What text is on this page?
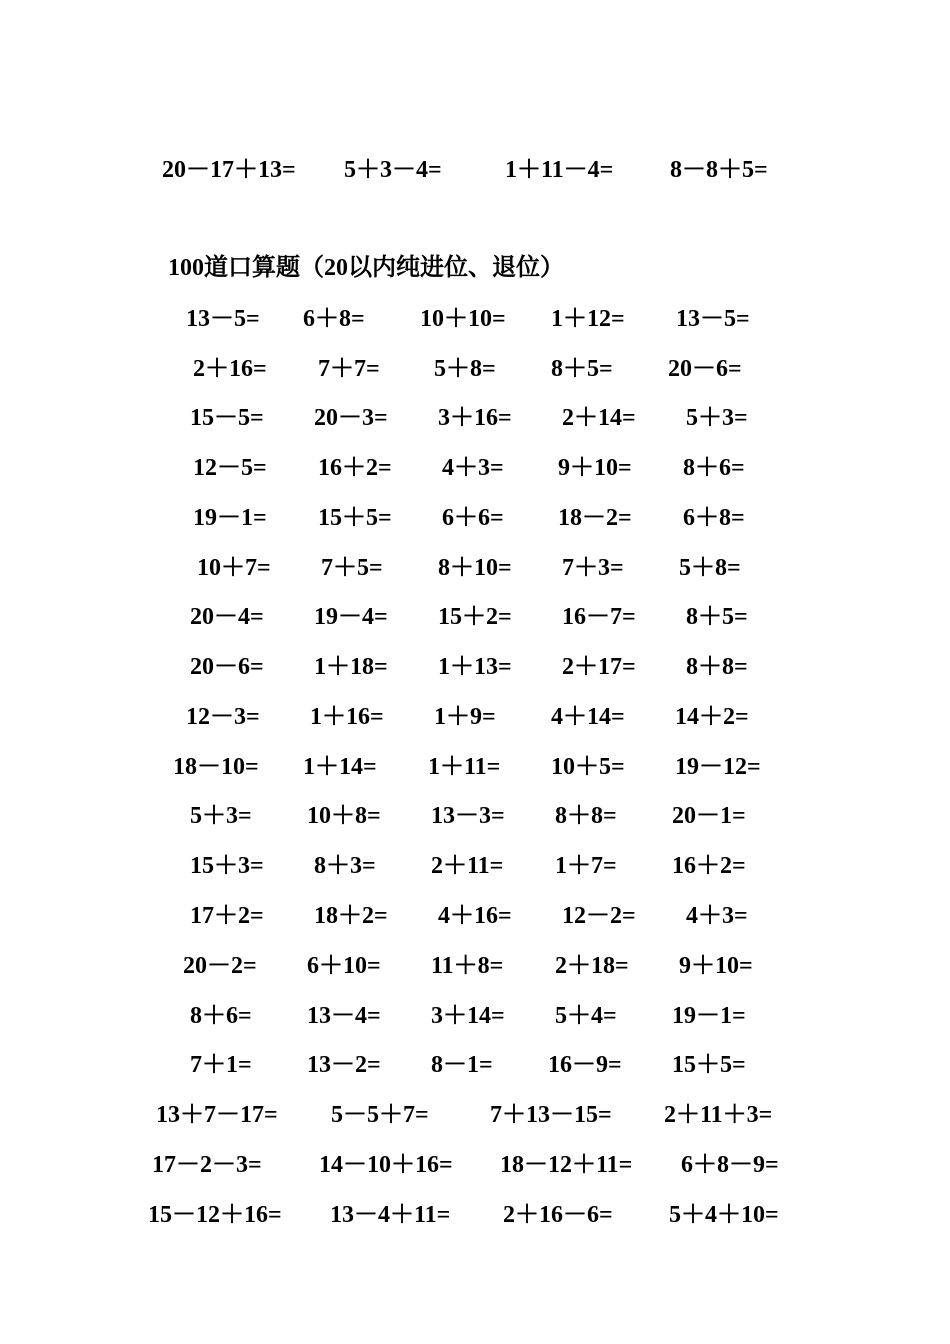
20－17＋13= 5＋3－4=	1＋11－4= 8－8＋5=
100道口算题（20以内纯进位、退位）
13－5= 6＋8= 10＋10= 1＋12= 13－5=
2＋16= 7＋7= 5＋8= 8＋5= 20－6=
15－5= 20－3= 3＋16= 2＋14= 5＋3=
12－5= 16＋2= 4＋3= 9＋10= 8＋6=
19－1= 15＋5= 6＋6= 18－2= 6＋8=
10＋7= 7＋5= 8＋10= 7＋3= 5＋8=
20－4= 19－4= 15＋2= 16－7= 8＋5=
20－6= 1＋18= 1＋13= 2＋17= 8＋8=
12－3= 1＋16= 1＋9= 4＋14= 14＋2=
18－10= 1＋14= 1＋11= 10＋5= 19－12=
5＋3= 10＋8= 13－3= 8＋8= 20－1=
15＋3= 8＋3= 2＋11= 1＋7= 16＋2=
17＋2= 18＋2= 4＋16= 12－2= 4＋3=
20－2= 6＋10= 11＋8= 2＋18= 9＋10=
8＋6= 13－4= 3＋14= 5＋4= 19－1=
7＋1= 13－2= 8－1= 16－9= 15＋5=
13＋7－17= 5－5＋7=	7＋13－15= 2＋11＋3=
17－2－3= 14－10＋16= 18－12＋11= 6＋8－9=
15－12＋16= 13－4＋11= 2＋16－6= 5＋4＋10=
